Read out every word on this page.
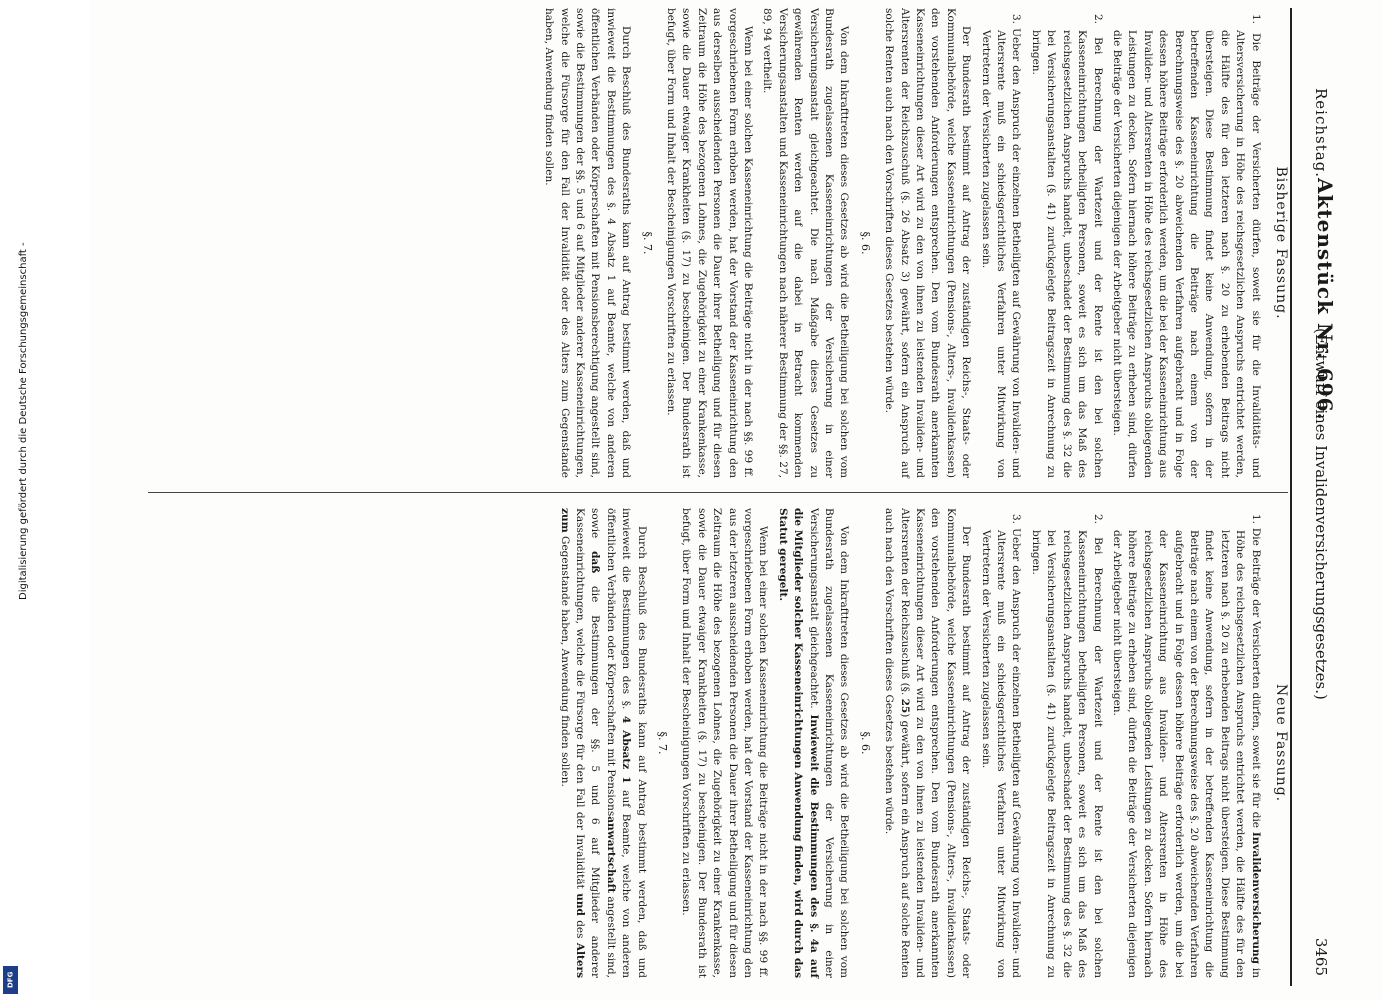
Digitalisierung gefördert durch die Deutsche Forschungsgemeinschaft -
DFG
Reichstag.
Aktenstück Nr. 696.
(Entwurf eines Invalidenversicherungsgesetzes.)
3465
Bisherige Fassung.

1. Die Beiträge der Versicherten dürfen, soweit sie für die Invaliditäts- und Altersversicherung in Höhe des reichsgesetzlichen Anspruchs entrichtet werden, die Hälfte des für den letzteren nach §. 20 zu erhebenden Beitrags nicht übersteigen. Diese Bestimmung findet keine Anwendung, sofern in der betreffenden Kasseneinrichtung die Beiträge nach einem von der Berechnungsweise des §. 20 abweichenden Verfahren aufgebracht und in Folge dessen höhere Beiträge erforderlich werden, um die bei der Kasseneinrichtung aus Invaliden- und Altersrenten in Höhe des reichsgesetzlichen Anspruchs obliegenden Leistungen zu decken. Sofern hiernach höhere Beiträge zu erheben sind, dürfen die Beiträge der Versicherten diejenigen der Arbeitgeber nicht übersteigen.

2. Bei Berechnung der Wartezeit und der Rente ist den bei solchen Kasseneinrichtungen betheiligten Personen, soweit es sich um das Maß des reichsgesetzlichen Anspruchs handelt, unbeschadet der Bestimmung des §. 32 die bei Versicherungsanstalten (§. 41) zurückgelegte Beitragszeit in Anrechnung zu bringen.

3. Ueber den Anspruch der einzelnen Betheiligten auf Gewährung von Invaliden- und Altersrente muß ein schiedsgerichtliches Verfahren unter Mitwirkung von Vertretern der Versicherten zugelassen sein.

Der Bundesrath bestimmt auf Antrag der zuständigen Reichs-, Staats- oder Kommunalbehörde, welche Kasseneinrichtungen (Pensions-, Alters-, Invalidenkassen) den vorstehenden Anforderungen entsprechen. Den vom Bundesrath anerkannten Kasseneinrichtungen dieser Art wird zu den von ihnen zu leistenden Invaliden- und Altersrenten der Reichszuschuß (§. 26 Absatz 3) gewährt, sofern ein Anspruch auf solche Renten auch nach den Vorschriften dieses Gesetzes bestehen würde.

§. 6.

Von dem Inkrafttreten dieses Gesetzes ab wird die Betheiligung bei solchen vom Bundesrath zugelassenen Kasseneinrichtungen der Versicherung in einer Versicherungsanstalt gleichgeachtet. Die nach Maßgabe dieses Gesetzes zu gewährenden Renten werden auf die dabei in Betracht kommenden Versicherungsanstalten und Kasseneinrichtungen nach näherer Bestimmung der §§. 27, 89, 94 vertheilt.

Wenn bei einer solchen Kasseneinrichtung die Beiträge nicht in der nach §§. 99 ff. vorgeschriebenen Form erhoben werden, hat der Vorstand der Kasseneinrichtung den aus derselben ausscheidenden Personen die Dauer ihrer Betheiligung und für diesen Zeitraum die Höhe des bezogenen Lohnes, die Zugehörigkeit zu einer Krankenkasse, sowie die Dauer etwaiger Krankheiten (§. 17) zu bescheinigen. Der Bundesrath ist befugt, über Form und Inhalt der Bescheinigungen Vorschriften zu erlassen.

§. 7.

Durch Beschluß des Bundesraths kann auf Antrag bestimmt werden, daß und inwieweit die Bestimmungen des §. 4 Absatz 1 auf Beamte, welche von anderen öffentlichen Verbänden oder Körperschaften mit Pensionsberechtigung angestellt sind, sowie die Bestimmungen der §§. 5 und 6 auf Mitglieder anderer Kasseneinrichtungen, welche die Fürsorge für den Fall der Invalidität oder des Alters zum Gegenstande haben, Anwendung finden sollen.

Neue Fassung.

1. Die Beiträge der Versicherten dürfen, soweit sie für die Invalidenversicherung in Höhe des reichsgesetzlichen Anspruchs entrichtet werden, die Hälfte des für den letzteren nach §. 20 zu erhebenden Beitrags nicht übersteigen. Diese Bestimmung findet keine Anwendung, sofern in der betreffenden Kasseneinrichtung die Beiträge nach einem von der Berechnungsweise des §. 20 abweichenden Verfahren aufgebracht und in Folge dessen höhere Beiträge erforderlich werden, um die bei der Kasseneinrichtung aus Invaliden- und Altersrenten in Höhe des reichsgesetzlichen Anspruchs obliegenden Leistungen zu decken. Sofern hiernach höhere Beiträge zu erheben sind, dürfen die Beiträge der Versicherten diejenigen der Arbeitgeber nicht übersteigen.

2. Bei Berechnung der Wartezeit und der Rente ist den bei solchen Kasseneinrichtungen betheiligten Personen, soweit es sich um das Maß des reichsgesetzlichen Anspruchs handelt, unbeschadet der Bestimmung des §. 32 die bei Versicherungsanstalten (§. 41) zurückgelegte Beitragszeit in Anrechnung zu bringen.

3. Ueber den Anspruch der einzelnen Betheiligten auf Gewährung von Invaliden- und Altersrente muß ein schiedsgerichtliches Verfahren unter Mitwirkung von Vertretern der Versicherten zugelassen sein.

Der Bundesrath bestimmt auf Antrag der zuständigen Reichs-, Staats- oder Kommunalbehörde, welche Kasseneinrichtungen (Pensions-, Alters-, Invalidenkassen) den vorstehenden Anforderungen entsprechen. Den vom Bundesrath anerkannten Kasseneinrichtungen dieser Art wird zu den von ihnen zu leistenden Invaliden- und Altersrenten der Reichszuschuß (§. 25) gewährt, sofern ein Anspruch auf solche Renten auch nach den Vorschriften dieses Gesetzes bestehen würde.

§. 6.

Von dem Inkrafttreten dieses Gesetzes ab wird die Betheiligung bei solchen vom Bundesrath zugelassenen Kasseneinrichtungen der Versicherung in einer Versicherungsanstalt gleichgeachtet. Inwieweit die Bestimmungen des §. 4a auf die Mitglieder solcher Kasseneinrichtungen Anwendung finden, wird durch das Statut geregelt.

Wenn bei einer solchen Kasseneinrichtung die Beiträge nicht in der nach §§. 99 ff. vorgeschriebenen Form erhoben werden, hat der Vorstand der Kasseneinrichtung den aus der letzteren ausscheidenden Personen die Dauer ihrer Betheiligung und für diesen Zeitraum die Höhe des bezogenen Lohnes, die Zugehörigkeit zu einer Krankenkasse, sowie die Dauer etwaiger Krankheiten (§. 17) zu bescheinigen. Der Bundesrath ist befugt, über Form und Inhalt der Bescheinigungen Vorschriften zu erlassen.

§. 7.

Durch Beschluß des Bundesraths kann auf Antrag bestimmt werden, daß und inwieweit die Bestimmungen des §. 4 Absatz 1 auf Beamte, welche von anderen öffentlichen Verbänden oder Körperschaften mit Pensionsanwartschaft angestellt sind, sowie daß die Bestimmungen der §§. 5 und 6 auf Mitglieder anderer Kasseneinrichtungen, welche die Fürsorge für den Fall der Invalidität und des Alters zum Gegenstande haben, Anwendung finden sollen.
